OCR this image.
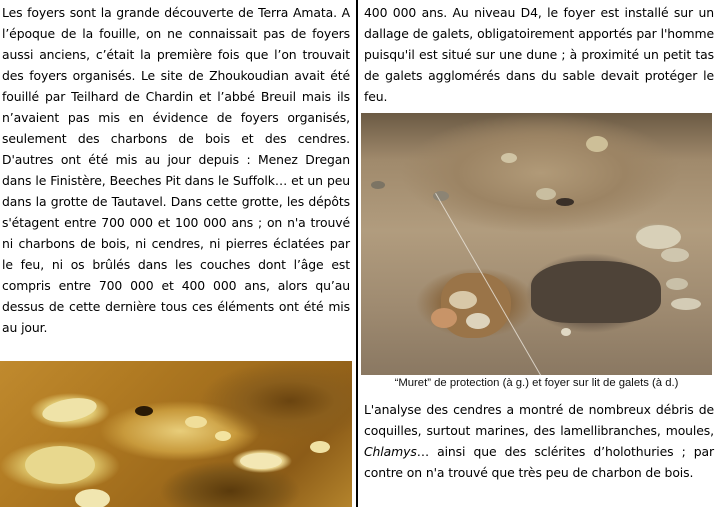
Les foyers sont la grande découverte de Terra Amata. A l’époque de la fouille, on ne connaissait pas de foyers aussi anciens, c’était la première fois que l’on trouvait des foyers organisés. Le site de Zhoukoudian avait été fouillé par Teilhard de Chardin et l’abbé Breuil mais ils n’avaient pas mis en évidence de foyers organisés, seulement des charbons de bois et des cendres. D'autres ont été mis au jour depuis : Menez Dregan dans le Finistère, Beeches Pit dans le Suffolk… et un peu dans la grotte de Tautavel. Dans cette grotte, les dépôts s'étagent entre 700 000 et 100 000 ans ; on n'a trouvé ni charbons de bois, ni cendres, ni pierres éclatées par le feu, ni os brûlés dans les couches dont l’âge est compris entre 700 000 et 400 000 ans, alors qu’au dessus de cette dernière tous ces éléments ont été mis au jour.

400 000 ans. Au niveau D4, le foyer est installé sur un dallage de galets, obligatoirement apportés par l'homme puisqu'il est situé sur une dune ; à proximité un petit tas de galets agglomérés dans du sable devait protéger le feu.

“Muret” de protection (à g.) et foyer sur lit de galets (à d.)

L'analyse des cendres a montré de nombreux débris de coquilles, surtout marines, des lamellibranches, moules, Chlamys… ainsi que des sclérites d’holothuries ; par contre on n'a trouvé que très peu de charbon de bois.
